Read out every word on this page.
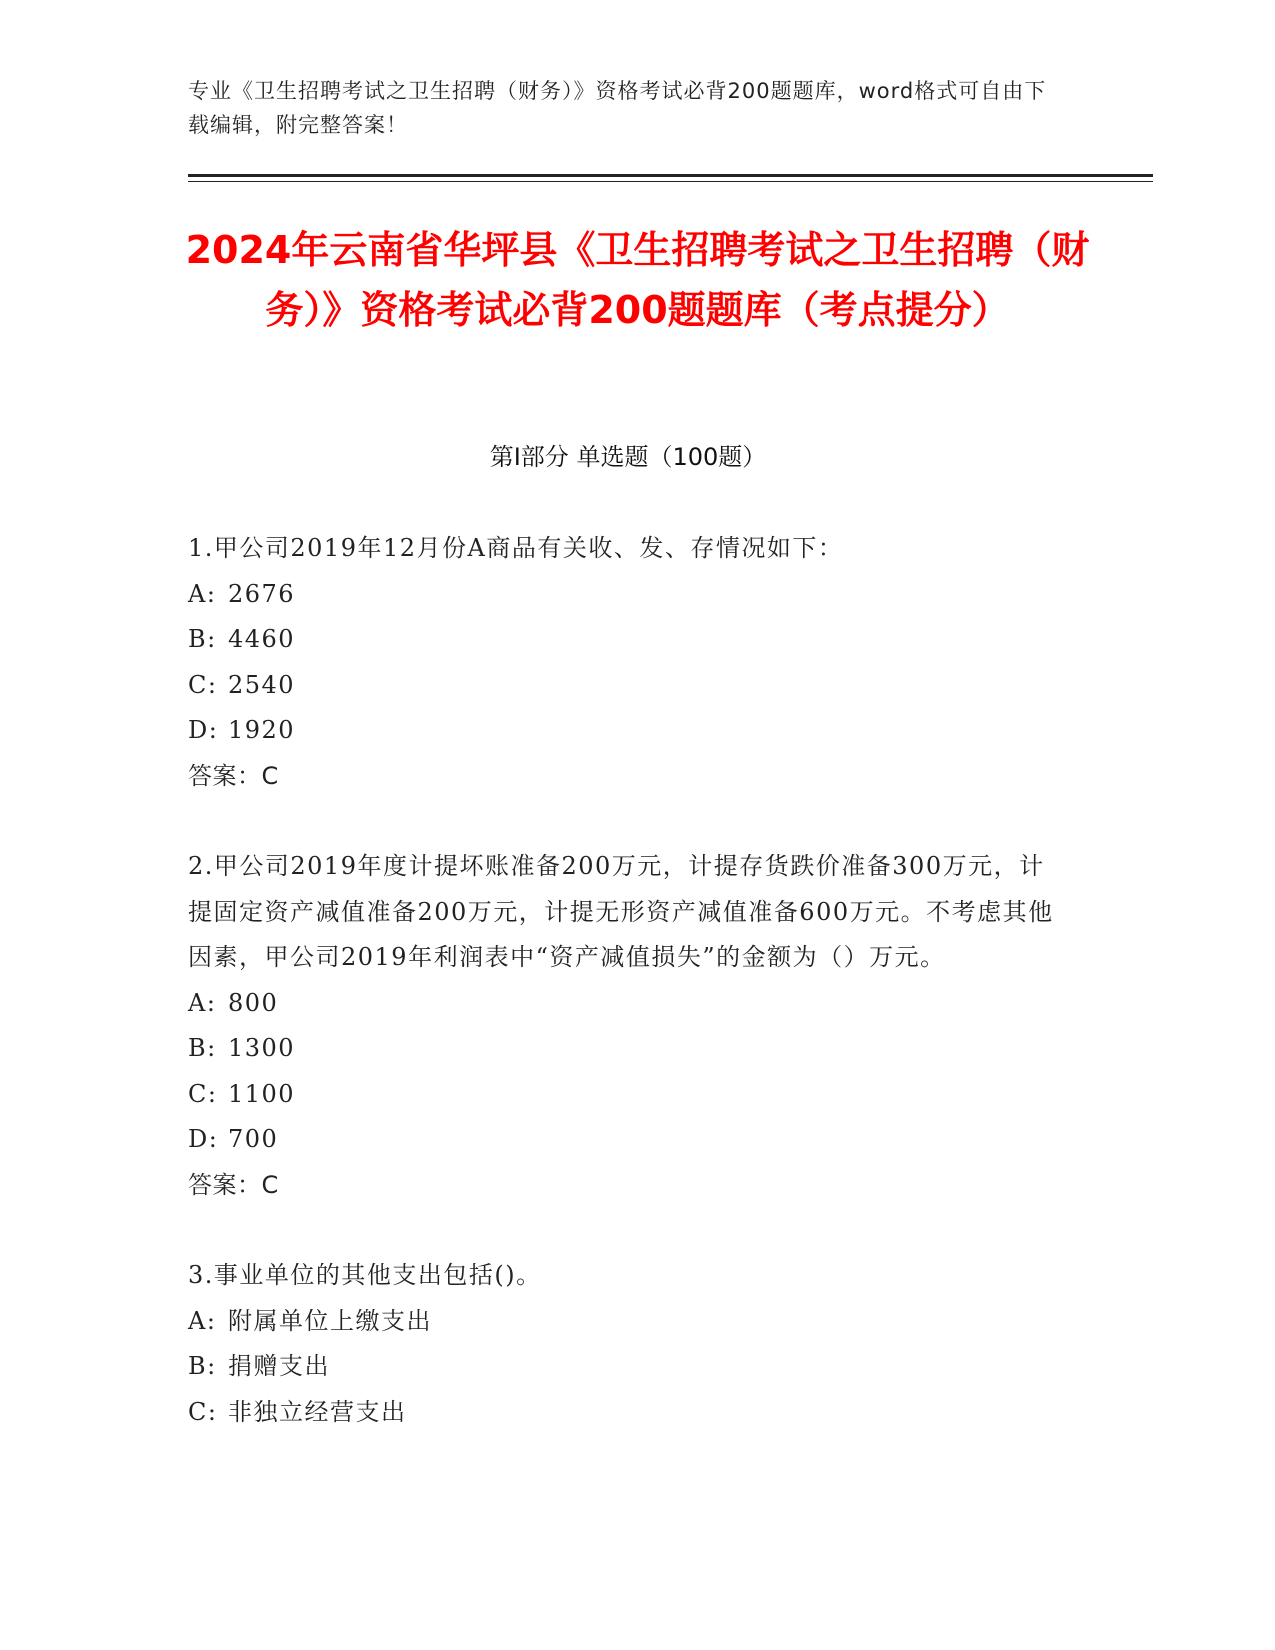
专业《卫生招聘考试之卫生招聘（财务）》资格考试必背200题题库，word格式可自由下载编辑，附完整答案！
2024年云南省华坪县《卫生招聘考试之卫生招聘（财务）》资格考试必背200题题库（考点提分）
第Ⅰ部分 单选题（100题）

1.甲公司2019年12月份A商品有关收、发、存情况如下：

A: 2676

B: 4460

C: 2540

D: 1920

答案：C

2.甲公司2019年度计提坏账准备200万元，计提存货跌价准备300万元，计提固定资产减值准备200万元，计提无形资产减值准备600万元。不考虑其他因素，甲公司2019年利润表中“资产减值损失”的金额为（）万元。

A: 800

B: 1300

C: 1100

D: 700

答案：C

3.事业单位的其他支出包括()。

A: 附属单位上缴支出

B: 捐赠支出

C: 非独立经营支出
